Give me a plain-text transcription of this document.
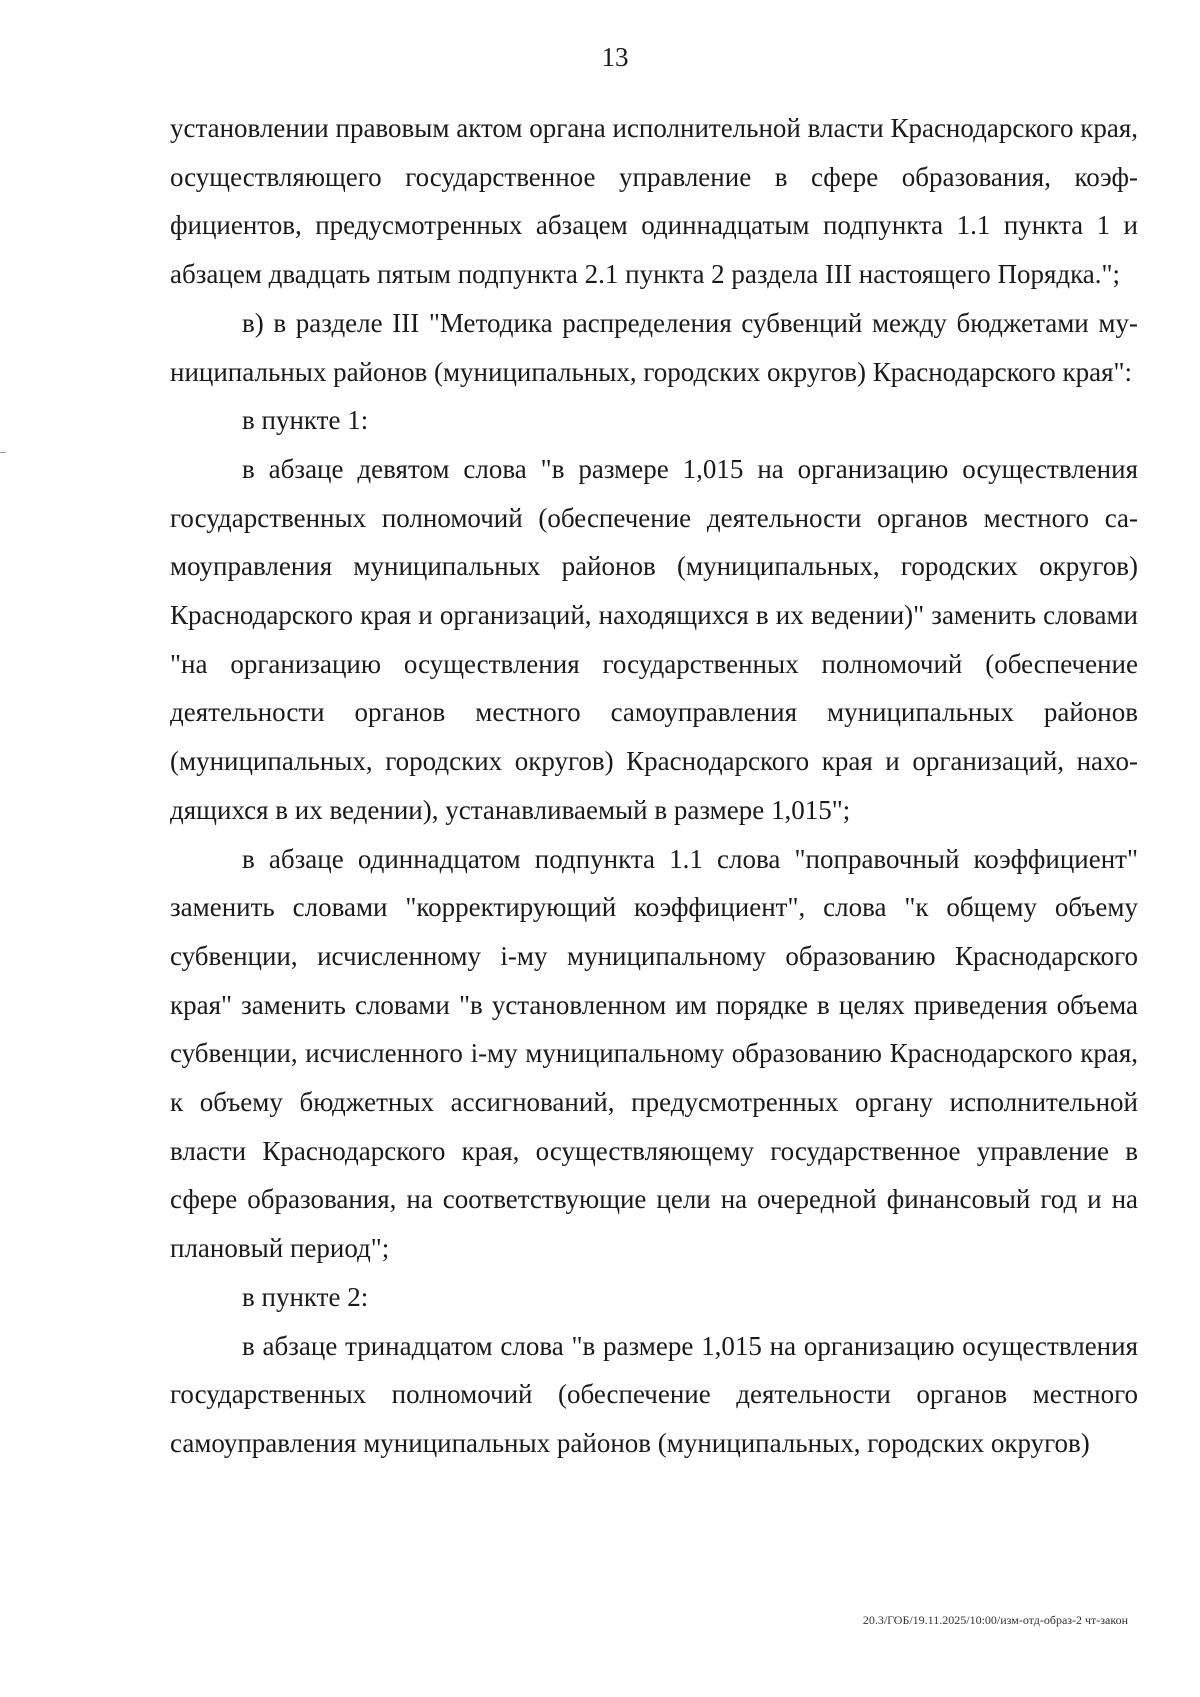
13

установлении правовым актом органа исполнительной власти Краснодарского края, осуществляющего государственное управление в сфере образования, коэффициентов, предусмотренных абзацем одиннадцатым подпункта 1.1 пункта 1 и абзацем двадцать пятым подпункта 2.1 пункта 2 раздела III настоящего Порядка.";

в) в разделе III "Методика распределения субвенций между бюджетами муниципальных районов (муниципальных, городских округов) Краснодарского края":

в пункте 1:

в абзаце девятом слова "в размере 1,015 на организацию осуществления государственных полномочий (обеспечение деятельности органов местного самоуправления муниципальных районов (муниципальных, городских округов) Краснодарского края и организаций, находящихся в их ведении)" заменить словами "на организацию осуществления государственных полномочий (обеспечение деятельности органов местного самоуправления муниципальных районов (муниципальных, городских округов) Краснодарского края и организаций, находящихся в их ведении), устанавливаемый в размере 1,015";

в абзаце одиннадцатом подпункта 1.1 слова "поправочный коэффициент" заменить словами "корректирующий коэффициент", слова "к общему объему субвенции, исчисленному i-му муниципальному образованию Краснодарского края" заменить словами "в установленном им порядке в целях приведения объема субвенции, исчисленного i-му муниципальному образованию Краснодарского края, к объему бюджетных ассигнований, предусмотренных органу исполнительной власти Краснодарского края, осуществляющему государственное управление в сфере образования, на соответствующие цели на очередной финансовый год и на плановый период";

в пункте 2:

в абзаце тринадцатом слова "в размере 1,015 на организацию осуществления государственных полномочий (обеспечение деятельности органов местного самоуправления муниципальных районов (муниципальных, городских округов)

20.3/ГОБ/19.11.2025/10:00/изм-отд-образ-2 чт-закон
